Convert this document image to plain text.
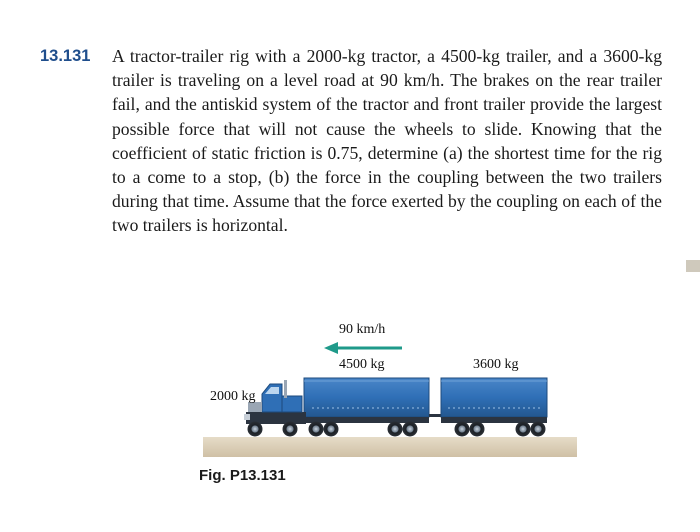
13.131	A tractor-trailer rig with a 2000-kg tractor, a 4500-kg trailer, and a 3600-kg trailer is traveling on a level road at 90 km/h. The brakes on the rear trailer fail, and the antiskid system of the tractor and front trailer provide the largest possible force that will not cause the wheels to slide. Knowing that the coefficient of static friction is 0.75, determine (a) the shortest time for the rig to a come to a stop, (b) the force in the coupling between the two trailers during that time. Assume that the force exerted by the coupling on each of the two trailers is horizontal.
90 km/h
4500 kg	3600 kg
2000 kg
Fig. P13.131
